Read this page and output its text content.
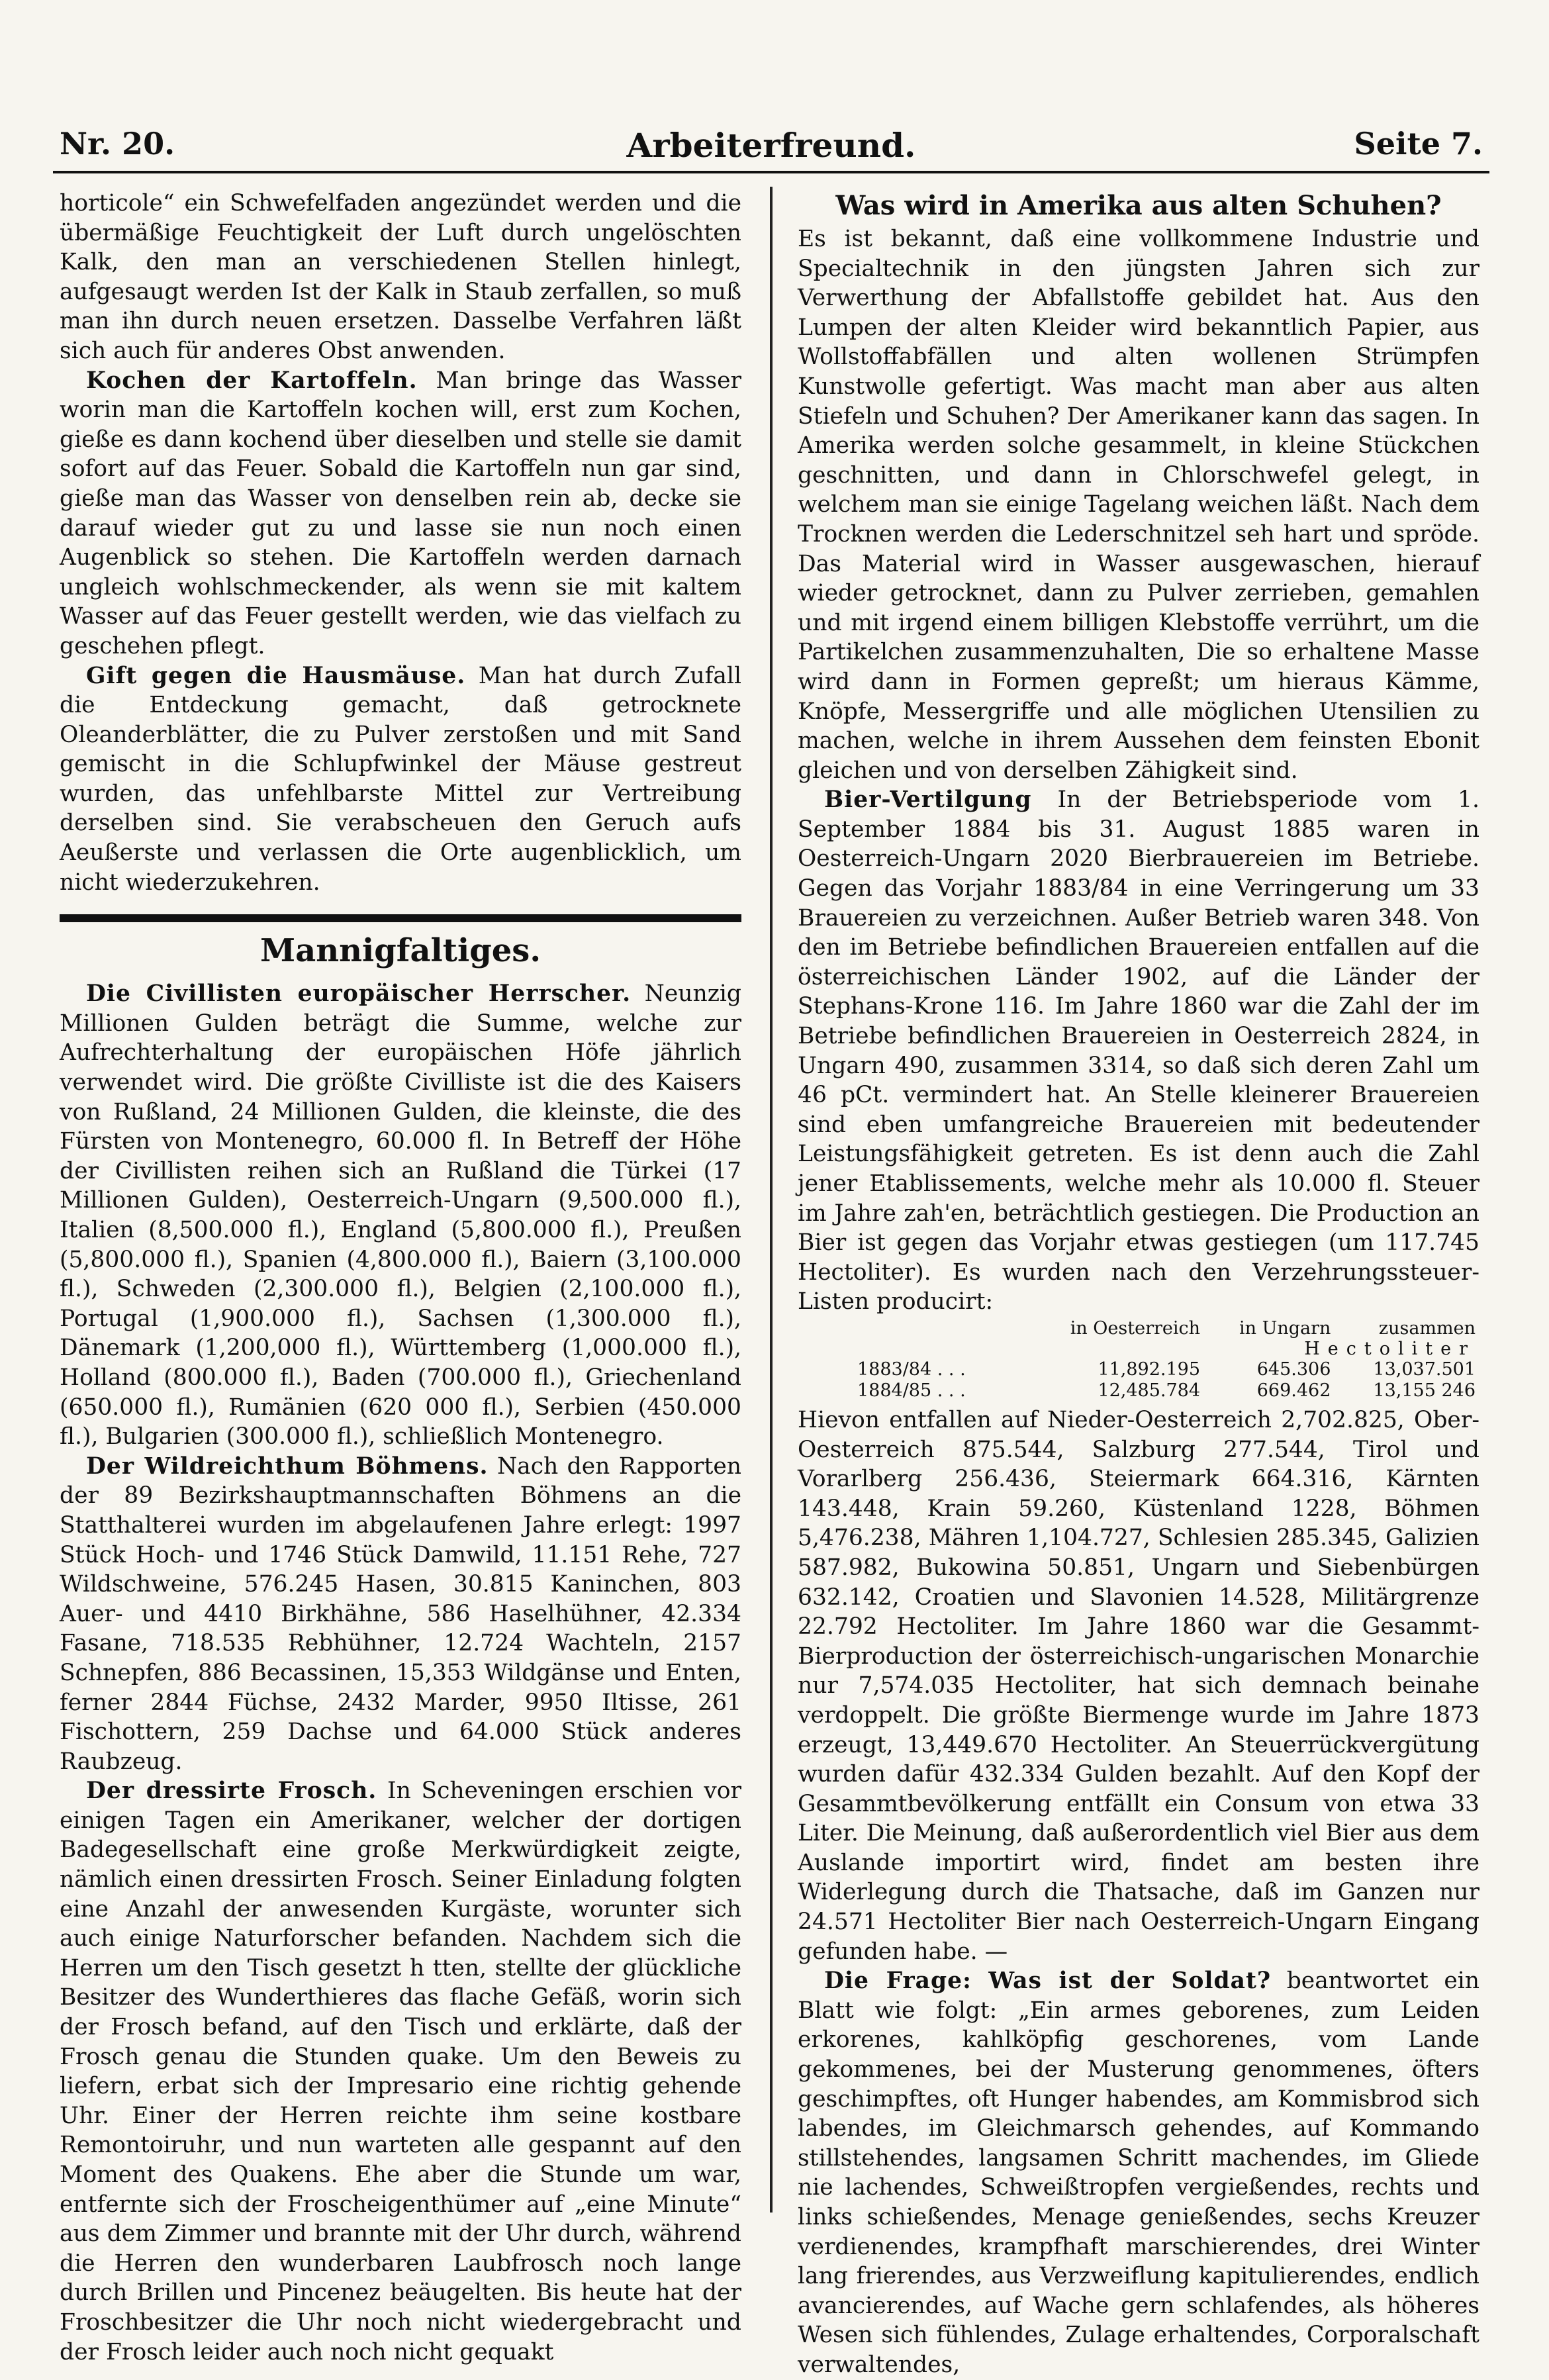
Nr. 20.	Arbeiterfreund.	Seite 7.

horticole“ ein Schwefelfaden angezündet werden und die übermäßige Feuchtigkeit der Luft durch ungelöschten Kalk, den man an verschiedenen Stellen hinlegt, aufgesaugt werden Ist der Kalk in Staub zerfallen, so muß man ihn durch neuen ersetzen. Dasselbe Verfahren läßt sich auch für anderes Obst anwenden.

Kochen der Kartoffeln. Man bringe das Wasser worin man die Kartoffeln kochen will, erst zum Kochen, gieße es dann kochend über dieselben und stelle sie damit sofort auf das Feuer. Sobald die Kartoffeln nun gar sind, gieße man das Wasser von denselben rein ab, decke sie darauf wieder gut zu und lasse sie nun noch einen Augenblick so stehen. Die Kartoffeln werden darnach ungleich wohlschmeckender, als wenn sie mit kaltem Wasser auf das Feuer gestellt werden, wie das vielfach zu geschehen pflegt.

Gift gegen die Hausmäuse. Man hat durch Zufall die Entdeckung gemacht, daß getrocknete Oleanderblätter, die zu Pulver zerstoßen und mit Sand gemischt in die Schlupfwinkel der Mäuse gestreut wurden, das unfehlbarste Mittel zur Vertreibung derselben sind. Sie verabscheuen den Geruch aufs Aeußerste und verlassen die Orte augenblicklich, um nicht wiederzukehren.

Mannigfaltiges.

Die Civillisten europäischer Herrscher. Neunzig Millionen Gulden beträgt die Summe, welche zur Aufrechterhaltung der europäischen Höfe jährlich verwendet wird. Die größte Civilliste ist die des Kaisers von Rußland, 24 Millionen Gulden, die kleinste, die des Fürsten von Montenegro, 60.000 fl. In Betreff der Höhe der Civillisten reihen sich an Rußland die Türkei (17 Millionen Gulden), Oesterreich-Ungarn (9,500.000 fl.), Italien (8,500.000 fl.), England (5,800.000 fl.), Preußen (5,800.000 fl.), Spanien (4,800.000 fl.), Baiern (3,100.000 fl.), Schweden (2,300.000 fl.), Belgien (2,100.000 fl.), Portugal (1,900.000 fl.), Sachsen (1,300.000 fl.), Dänemark (1,200,000 fl.), Württemberg (1,000.000 fl.), Holland (800.000 fl.), Baden (700.000 fl.), Griechenland (650.000 fl.), Rumänien (620 000 fl.), Serbien (450.000 fl.), Bulgarien (300.000 fl.), schließlich Montenegro.

Der Wildreichthum Böhmens. Nach den Rapporten der 89 Bezirkshauptmannschaften Böhmens an die Statthalterei wurden im abgelaufenen Jahre erlegt: 1997 Stück Hoch- und 1746 Stück Damwild, 11.151 Rehe, 727 Wildschweine, 576.245 Hasen, 30.815 Kaninchen, 803 Auer- und 4410 Birkhähne, 586 Haselhühner, 42.334 Fasane, 718.535 Rebhühner, 12.724 Wachteln, 2157 Schnepfen, 886 Becassinen, 15,353 Wildgänse und Enten, ferner 2844 Füchse, 2432 Marder, 9950 Iltisse, 261 Fischottern, 259 Dachse und 64.000 Stück anderes Raubzeug.

Der dressirte Frosch. In Scheveningen erschien vor einigen Tagen ein Amerikaner, welcher der dortigen Badegesellschaft eine große Merkwürdigkeit zeigte, nämlich einen dressirten Frosch. Seiner Einladung folgten eine Anzahl der anwesenden Kurgäste, worunter sich auch einige Naturforscher befanden. Nachdem sich die Herren um den Tisch gesetzt h tten, stellte der glückliche Besitzer des Wunderthieres das flache Gefäß, worin sich der Frosch befand, auf den Tisch und erklärte, daß der Frosch genau die Stunden quake. Um den Beweis zu liefern, erbat sich der Impresario eine richtig gehende Uhr. Einer der Herren reichte ihm seine kostbare Remontoiruhr, und nun warteten alle gespannt auf den Moment des Quakens. Ehe aber die Stunde um war, entfernte sich der Froscheigenthümer auf „eine Minute“ aus dem Zimmer und brannte mit der Uhr durch, während die Herren den wunderbaren Laubfrosch noch lange durch Brillen und Pincenez beäugelten. Bis heute hat der Froschbesitzer die Uhr noch nicht wiedergebracht und der Frosch leider auch noch nicht gequakt

Was wird in Amerika aus alten Schuhen?

Es ist bekannt, daß eine vollkommene Industrie und Specialtechnik in den jüngsten Jahren sich zur Verwerthung der Abfallstoffe gebildet hat. Aus den Lumpen der alten Kleider wird bekanntlich Papier, aus Wollstoffabfällen und alten wollenen Strümpfen Kunstwolle gefertigt. Was macht man aber aus alten Stiefeln und Schuhen? Der Amerikaner kann das sagen. In Amerika werden solche gesammelt, in kleine Stückchen geschnitten, und dann in Chlorschwefel gelegt, in welchem man sie einige Tagelang weichen läßt. Nach dem Trocknen werden die Lederschnitzel seh hart und spröde. Das Material wird in Wasser ausgewaschen, hierauf wieder getrocknet, dann zu Pulver zerrieben, gemahlen und mit irgend einem billigen Klebstoffe verrührt, um die Partikelchen zusammenzuhalten, Die so erhaltene Masse wird dann in Formen gepreßt; um hieraus Kämme, Knöpfe, Messergriffe und alle möglichen Utensilien zu machen, welche in ihrem Aussehen dem feinsten Ebonit gleichen und von derselben Zähigkeit sind.

Bier-Vertilgung In der Betriebsperiode vom 1. September 1884 bis 31. August 1885 waren in Oesterreich-Ungarn 2020 Bierbrauereien im Betriebe. Gegen das Vorjahr 1883/84 in eine Verringerung um 33 Brauereien zu verzeichnen. Außer Betrieb waren 348. Von den im Betriebe befindlichen Brauereien entfallen auf die österreichischen Länder 1902, auf die Länder der Stephans-Krone 116. Im Jahre 1860 war die Zahl der im Betriebe befindlichen Brauereien in Oesterreich 2824, in Ungarn 490, zusammen 3314, so daß sich deren Zahl um 46 pCt. vermindert hat. An Stelle kleinerer Brauereien sind eben umfangreiche Brauereien mit bedeutender Leistungsfähigkeit getreten. Es ist denn auch die Zahl jener Etablissements, welche mehr als 10.000 fl. Steuer im Jahre zah'en, beträchtlich gestiegen. Die Production an Bier ist gegen das Vorjahr etwas gestiegen (um 117.745 Hectoliter). Es wurden nach den Verzehrungssteuer-Listen producirt:

	in Oesterreich	in Ungarn	zusammen
Hectoliter			
1883/84 . . .	11,892.195	645.306	13,037.501
1884/85 . . .	12,485.784	669.462	13,155 246

Hievon entfallen auf Nieder-Oesterreich 2,702.825, Ober-Oesterreich 875.544, Salzburg 277.544, Tirol und Vorarlberg 256.436, Steiermark 664.316, Kärnten 143.448, Krain 59.260, Küstenland 1228, Böhmen 5,476.238, Mähren 1,104.727, Schlesien 285.345, Galizien 587.982, Bukowina 50.851, Ungarn und Siebenbürgen 632.142, Croatien und Slavonien 14.528, Militärgrenze 22.792 Hectoliter. Im Jahre 1860 war die Gesammt-Bierproduction der österreichisch-ungarischen Monarchie nur 7,574.035 Hectoliter, hat sich demnach beinahe verdoppelt. Die größte Biermenge wurde im Jahre 1873 erzeugt, 13,449.670 Hectoliter. An Steuerrückvergütung wurden dafür 432.334 Gulden bezahlt. Auf den Kopf der Gesammtbevölkerung entfällt ein Consum von etwa 33 Liter. Die Meinung, daß außerordentlich viel Bier aus dem Auslande importirt wird, findet am besten ihre Widerlegung durch die Thatsache, daß im Ganzen nur 24.571 Hectoliter Bier nach Oesterreich-Ungarn Eingang gefunden habe. —

Die Frage: Was ist der Soldat? beantwortet ein Blatt wie folgt: „Ein armes geborenes, zum Leiden erkorenes, kahlköpfig geschorenes, vom Lande gekommenes, bei der Musterung genommenes, öfters geschimpftes, oft Hunger habendes, am Kommisbrod sich labendes, im Gleichmarsch gehendes, auf Kommando stillstehendes, langsamen Schritt machendes, im Gliede nie lachendes, Schweißtropfen vergießendes, rechts und links schießendes, Menage genießendes, sechs Kreuzer verdienendes, krampfhaft marschierendes, drei Winter lang frierendes, aus Verzweiflung kapitulierendes, endlich avancierendes, auf Wache gern schlafendes, als höheres Wesen sich fühlendes, Zulage erhaltendes, Corporalschaft verwaltendes,
